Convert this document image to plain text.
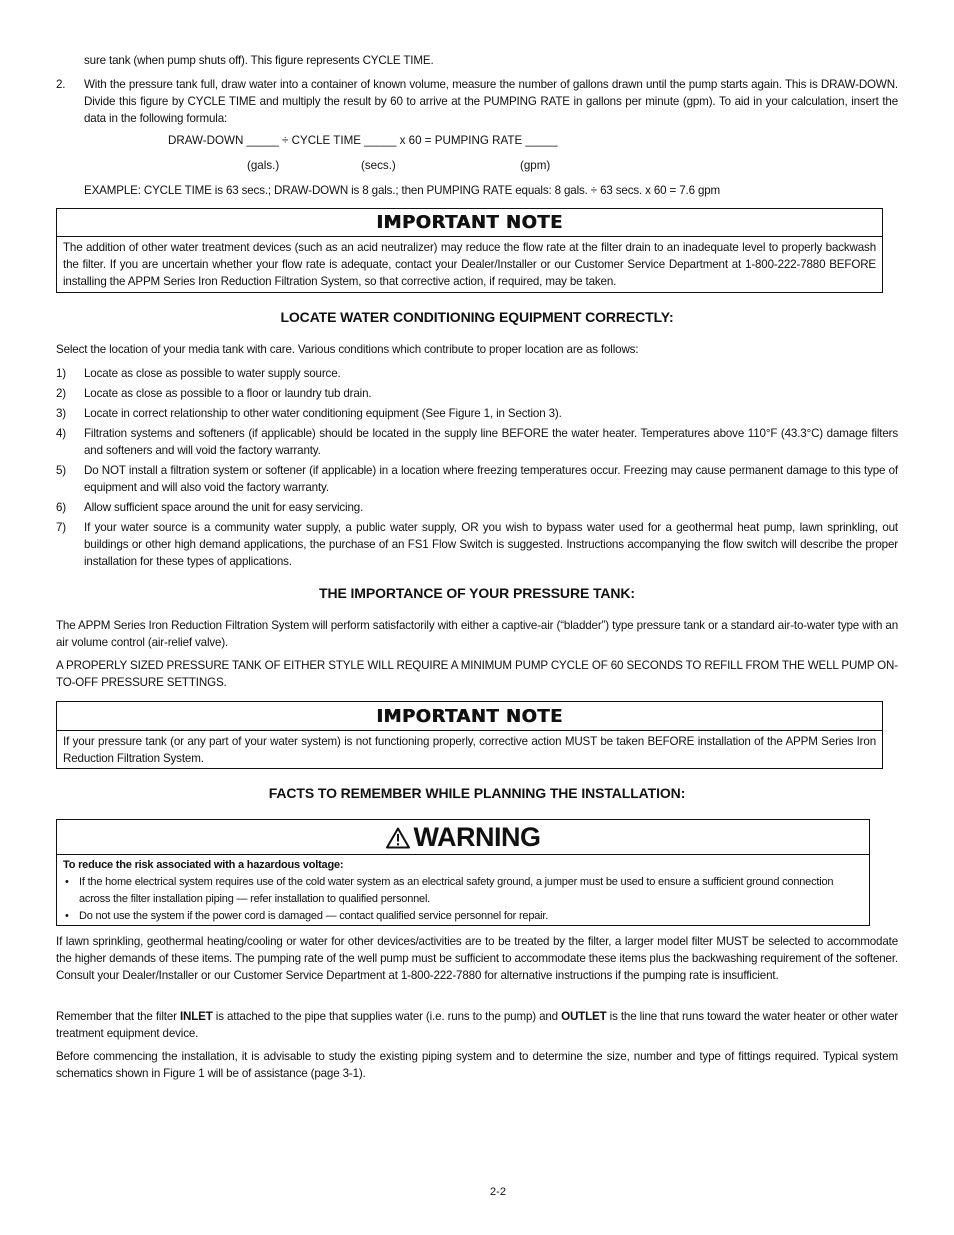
sure tank (when pump shuts off). This figure represents CYCLE TIME.
2. With the pressure tank full, draw water into a container of known volume, measure the number of gallons drawn until the pump starts again. This is DRAW-DOWN. Divide this figure by CYCLE TIME and multiply the result by 60 to arrive at the PUMPING RATE in gallons per minute (gpm). To aid in your calculation, insert the data in the following formula:
DRAW-DOWN _____ ÷ CYCLE TIME _____ x 60 = PUMPING RATE _____
(gals.)	(secs.)	(gpm)
EXAMPLE: CYCLE TIME is 63 secs.; DRAW-DOWN is 8 gals.; then PUMPING RATE equals: 8 gals. ÷ 63 secs. x 60 = 7.6 gpm
IMPORTANT NOTE
The addition of other water treatment devices (such as an acid neutralizer) may reduce the flow rate at the filter drain to an inadequate level to properly backwash the filter. If you are uncertain whether your flow rate is adequate, contact your Dealer/Installer or our Customer Service Department at 1-800-222-7880 BEFORE installing the APPM Series Iron Reduction Filtration System, so that corrective action, if required, may be taken.
LOCATE WATER CONDITIONING EQUIPMENT CORRECTLY:
Select the location of your media tank with care. Various conditions which contribute to proper location are as follows:
1) Locate as close as possible to water supply source.
2) Locate as close as possible to a floor or laundry tub drain.
3) Locate in correct relationship to other water conditioning equipment (See Figure 1, in Section 3).
4) Filtration systems and softeners (if applicable) should be located in the supply line BEFORE the water heater. Temperatures above 110°F (43.3°C) damage filters and softeners and will void the factory warranty.
5) Do NOT install a filtration system or softener (if applicable) in a location where freezing temperatures occur. Freezing may cause permanent damage to this type of equipment and will also void the factory warranty.
6) Allow sufficient space around the unit for easy servicing.
7) If your water source is a community water supply, a public water supply, OR you wish to bypass water used for a geothermal heat pump, lawn sprinkling, out buildings or other high demand applications, the purchase of an FS1 Flow Switch is suggested. Instructions accompanying the flow switch will describe the proper installation for these types of applications.
THE IMPORTANCE OF YOUR PRESSURE TANK:
The APPM Series Iron Reduction Filtration System will perform satisfactorily with either a captive-air (“bladder”) type pressure tank or a standard air-to-water type with an air volume control (air-relief valve).
A PROPERLY SIZED PRESSURE TANK OF EITHER STYLE WILL REQUIRE A MINIMUM PUMP CYCLE OF 60 SECONDS TO REFILL FROM THE WELL PUMP ON-TO-OFF PRESSURE SETTINGS.
IMPORTANT NOTE
If your pressure tank (or any part of your water system) is not functioning properly, corrective action MUST be taken BEFORE installation of the APPM Series Iron Reduction Filtration System.
FACTS TO REMEMBER WHILE PLANNING THE INSTALLATION:
WARNING
To reduce the risk associated with a hazardous voltage:
• If the home electrical system requires use of the cold water system as an electrical safety ground, a jumper must be used to ensure a sufficient ground connection across the filter installation piping — refer installation to qualified personnel.
• Do not use the system if the power cord is damaged — contact qualified service personnel for repair.
If lawn sprinkling, geothermal heating/cooling or water for other devices/activities are to be treated by the filter, a larger model filter MUST be selected to accommodate the higher demands of these items. The pumping rate of the well pump must be sufficient to accommodate these items plus the backwashing requirement of the softener. Consult your Dealer/Installer or our Customer Service Department at 1-800-222-7880 for alternative instructions if the pumping rate is insufficient.
Remember that the filter INLET is attached to the pipe that supplies water (i.e. runs to the pump) and OUTLET is the line that runs toward the water heater or other water treatment equipment device.
Before commencing the installation, it is advisable to study the existing piping system and to determine the size, number and type of fittings required. Typical system schematics shown in Figure 1 will be of assistance (page 3-1).
2-2
